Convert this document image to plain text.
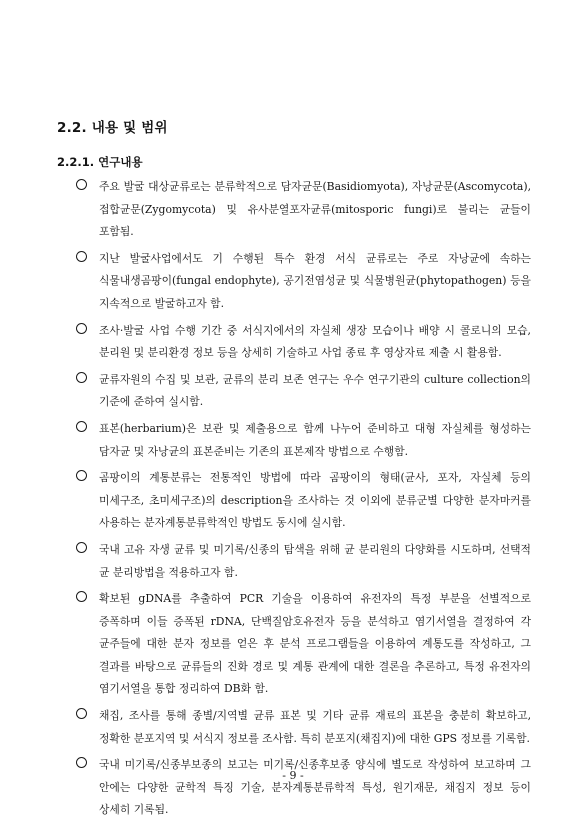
2.2. 내용 및 범위
2.2.1. 연구내용
주요 발굴 대상균류로는 분류학적으로 담자균문(Basidiomyota), 자낭균문(Ascomycota), 접합균문(Zygomycota) 및 유사분열포자균류(mitosporic fungi)로 불리는 균들이 포함됨.
지난 발굴사업에서도 기 수행된 특수 환경 서식 균류로는 주로 자낭균에 속하는 식물내생곰팡이(fungal endophyte), 공기전염성균 및 식물병원균(phytopathogen) 등을 지속적으로 발굴하고자 함.
조사·발굴 사업 수행 기간 중 서식지에서의 자실체 생장 모습이나 배양 시 콜로니의 모습, 분리원 및 분리환경 정보 등을 상세히 기술하고 사업 종료 후 영상자료 제출 시 활용함.
균류자원의 수집 및 보관, 균류의 분리 보존 연구는 우수 연구기관의 culture collection의 기준에 준하여 실시함.
표본(herbarium)은 보관 및 제출용으로 함께 나누어 준비하고 대형 자실체를 형성하는 담자균 및 자낭균의 표본준비는 기존의 표본제작 방법으로 수행함.
곰팡이의 계통분류는 전통적인 방법에 따라 곰팡이의 형태(균사, 포자, 자실체 등의 미세구조, 초미세구조)의 description을 조사하는 것 이외에 분류군별 다양한 분자마커를 사용하는 분자계통분류학적인 방법도 동시에 실시함.
국내 고유 자생 균류 및 미기록/신종의 탐색을 위해 균 분리원의 다양화를 시도하며, 선택적 균 분리방법을 적용하고자 함.
확보된 gDNA를 추출하여 PCR 기술을 이용하여 유전자의 특정 부분을 선별적으로 증폭하며 이들 증폭된 rDNA, 단백질암호유전자 등을 분석하고 염기서열을 결정하여 각 균주들에 대한 분자 정보를 얻은 후 분석 프로그램들을 이용하여 계통도를 작성하고, 그 결과를 바탕으로 균류들의 진화 경로 및 계통 관계에 대한 결론을 추론하고, 특정 유전자의 염기서열을 통합 정리하여 DB화 함.
채집, 조사를 통해 종별/지역별 균류 표본 및 기타 균류 재료의 표본을 충분히 확보하고, 정확한 분포지역 및 서식지 정보를 조사함. 특히 분포지(채집지)에 대한 GPS 정보를 기록함.
국내 미기록/신종부보종의 보고는 미기록/신종후보종 양식에 별도로 작성하여 보고하며 그 안에는 다양한 균학적 특징 기술, 분자계통분류학적 특성, 원기재문, 채집지 정보 등이 상세히 기록됨.
- 9 -
